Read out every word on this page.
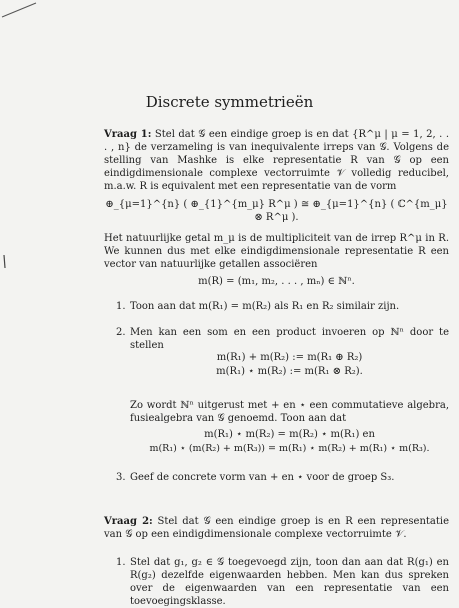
Discrete symmetrieën

Vraag 1: Stel dat 𝒢 een eindige groep is en dat {R^μ | μ = 1, 2, . . . , n} de verzameling is van inequivalente irreps van 𝒢. Volgens de stelling van Mashke is elke representatie R van 𝒢 op een eindigdimensionale complexe vectorruimte 𝒱 volledig reducibel, m.a.w. R is equivalent met een representatie van de vorm

⊕_{μ=1}^{n} ( ⊕_{1}^{m_μ} R^μ ) ≅ ⊕_{μ=1}^{n} ( ℂ^{m_μ} ⊗ R^μ ).

Het natuurlijke getal m_μ is de multipliciteit van de irrep R^μ in R. We kunnen dus met elke eindigdimensionale representatie R een vector van natuurlijke getallen associëren

m(R) = (m₁, m₂, . . . , mₙ) ∈ ℕⁿ.
1. Toon aan dat m(R₁) = m(R₂) als R₁ en R₂ similair zijn.
2. Men kan een som en een product invoeren op ℕⁿ door te stellen
m(R₁) + m(R₂) := m(R₁ ⊕ R₂)
m(R₁) ⋆ m(R₂) := m(R₁ ⊗ R₂).

Zo wordt ℕⁿ uitgerust met + en ⋆ een commutatieve algebra, fusiealgebra van 𝒢 genoemd. Toon aan dat

m(R₁) ⋆ m(R₂) = m(R₂) ⋆ m(R₁) en
m(R₁) ⋆ (m(R₂) + m(R₃)) = m(R₁) ⋆ m(R₂) + m(R₁) ⋆ m(R₃).
3. Geef de concrete vorm van + en ⋆ voor de groep S₃.

Vraag 2: Stel dat 𝒢 een eindige groep is en R een representatie van 𝒢 op een eindigdimensionale complexe vectorruimte 𝒱.

1. Stel dat g₁, g₂ ∈ 𝒢 toegevoegd zijn, toon dan aan dat R(g₁) en R(g₂) dezelfde eigenwaarden hebben. Men kan dus spreken over de eigenwaarden van een representatie van een toevoegingsklasse.
